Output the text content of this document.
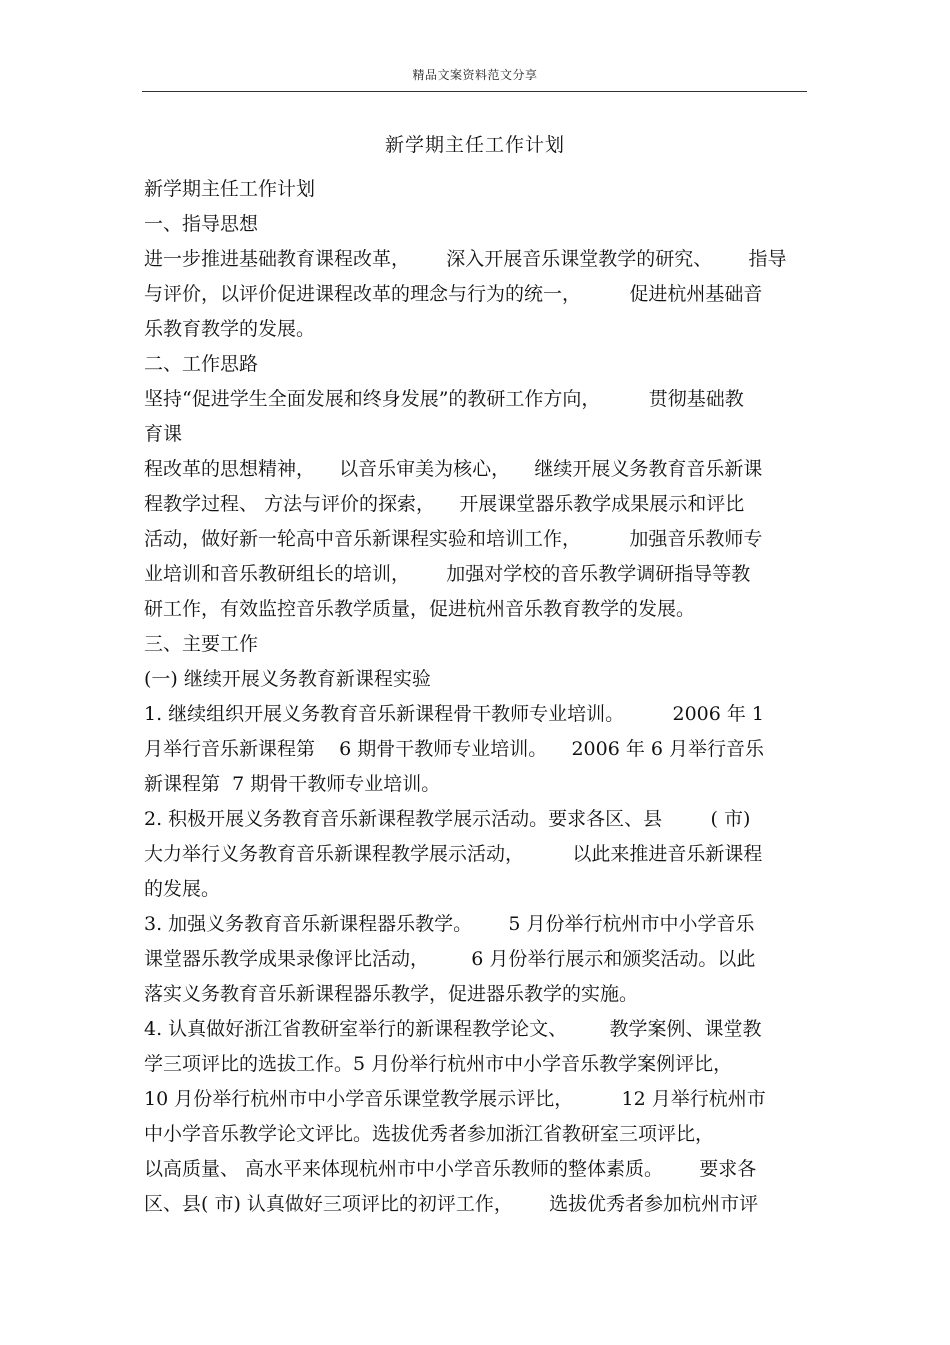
精品文案资料范文分享
新学期主任工作计划
新学期主任工作计划
一、指导思想
进一步推进基础教育课程改革，      深入开展音乐课堂教学的研究、      指导
与评价，以评价促进课程改革的理念与行为的统一，        促进杭州基础音
乐教育教学的发展。
二、工作思路
坚持“促进学生全面发展和终身发展”的教研工作方向，        贯彻基础教
育课
程改革的思想精神，    以音乐审美为核心，    继续开展义务教育音乐新课
程教学过程、 方法与评价的探索，    开展课堂器乐教学成果展示和评比
活动，做好新一轮高中音乐新课程实验和培训工作，        加强音乐教师专
业培训和音乐教研组长的培训，      加强对学校的音乐教学调研指导等教
研工作，有效监控音乐教学质量，促进杭州音乐教育教学的发展。
三、主要工作
(一) 继续开展义务教育新课程实验
1. 继续组织开展义务教育音乐新课程骨干教师专业培训。        2006 年 1
月举行音乐新课程第    6 期骨干教师专业培训。    2006 年 6 月举行音乐
新课程第  7 期骨干教师专业培训。
2. 积极开展义务教育音乐新课程教学展示活动。要求各区、县        ( 市)
大力举行义务教育音乐新课程教学展示活动，        以此来推进音乐新课程
的发展。
3. 加强义务教育音乐新课程器乐教学。      5 月份举行杭州市中小学音乐
课堂器乐教学成果录像评比活动，       6 月份举行展示和颁奖活动。以此
落实义务教育音乐新课程器乐教学，促进器乐教学的实施。
4. 认真做好浙江省教研室举行的新课程教学论文、       教学案例、课堂教
学三项评比的选拔工作。5 月份举行杭州市中小学音乐教学案例评比，
10 月份举行杭州市中小学音乐课堂教学展示评比，        12 月举行杭州市
中小学音乐教学论文评比。选拔优秀者参加浙江省教研室三项评比，
以高质量、 高水平来体现杭州市中小学音乐教师的整体素质。      要求各
区、县( 市) 认真做好三项评比的初评工作，      选拔优秀者参加杭州市评
